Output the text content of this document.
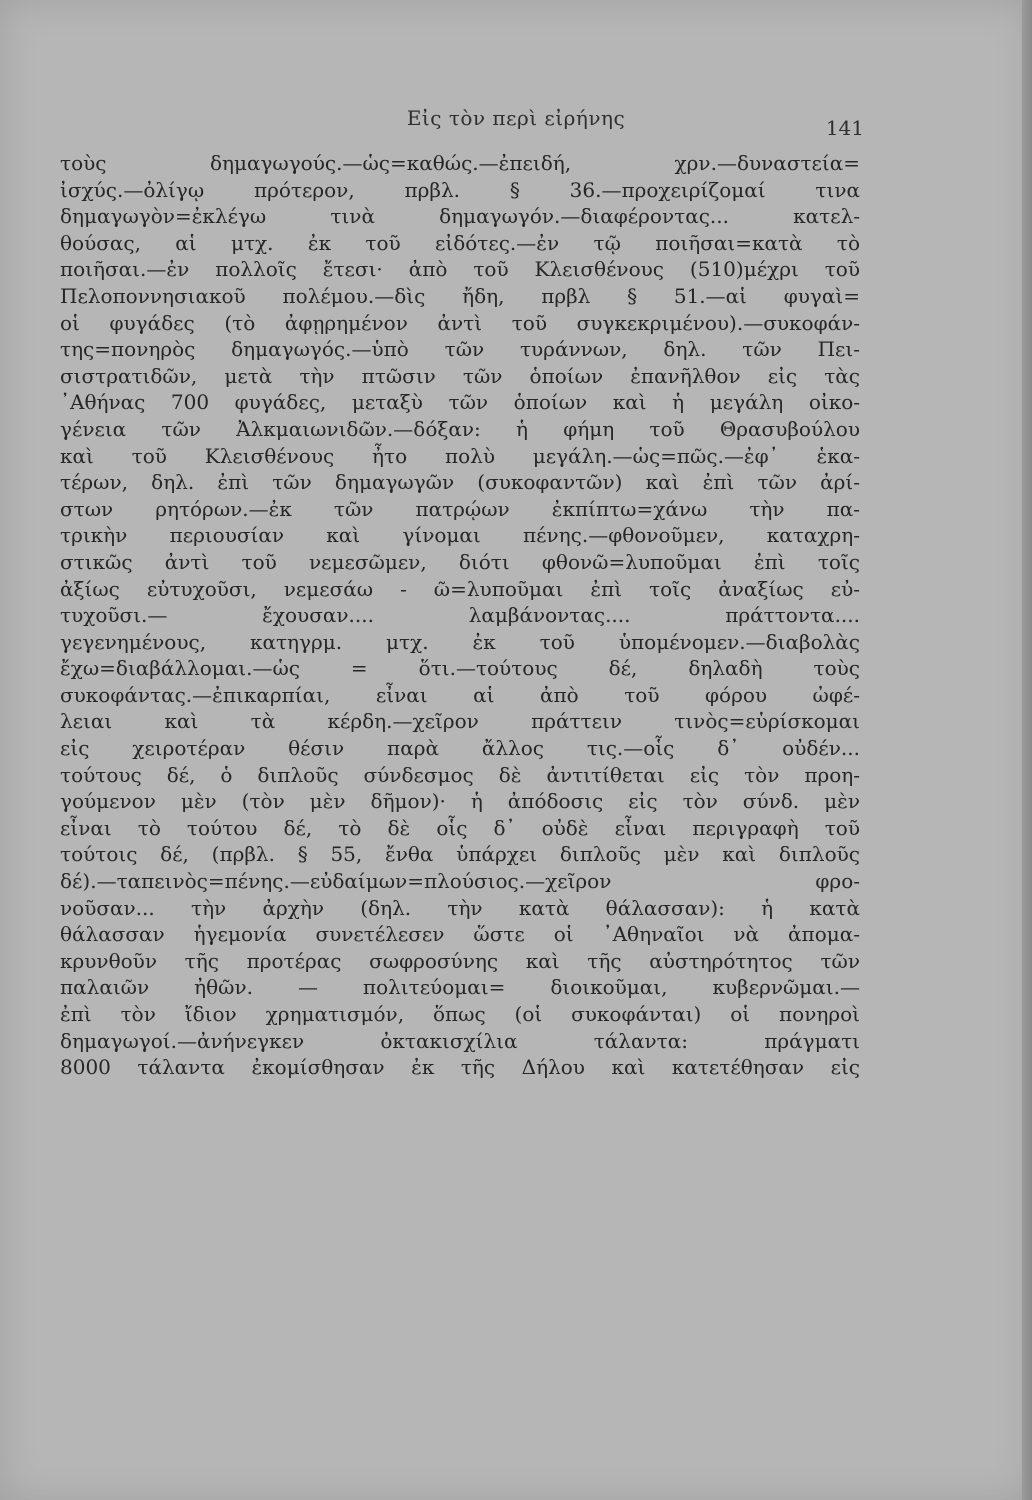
Εἰς τὸν περὶ εἰρήνης	141
τοὺς δημαγωγούς.—ὡς=καθώς.—ἐπειδή, χρν.—δυναστεία=
ἰσχύς.—ὀλίγῳ πρότερον, πρβλ. § 36.—προχειρίζομαί τινα
δημαγωγὸν=ἐκλέγω τινὰ δημαγωγόν.—διαφέροντας... κατελ-
θούσας, αἱ μτχ. ἐκ τοῦ εἰδότες.—ἐν τῷ ποιῆσαι=κατὰ τὸ
ποιῆσαι.—ἐν πολλοῖς ἔτεσι· ἀπὸ τοῦ Κλεισθένους (510)μέχρι τοῦ
Πελοποννησιακοῦ πολέμου.—δὶς ἤδη, πρβλ § 51.—αἱ φυγαὶ=
οἱ φυγάδες (τὸ ἀφῃρημένον ἀντὶ τοῦ συγκεκριμένου).—συκοφάν-
της=πονηρὸς δημαγωγός.—ὑπὸ τῶν τυράννων, δηλ. τῶν Πει-
σιστρατιδῶν, μετὰ τὴν πτῶσιν τῶν ὁποίων ἐπανῆλθον εἰς τὰς
᾿Αθήνας 700 φυγάδες, μεταξὺ τῶν ὁποίων καὶ ἡ μεγάλη οἰκο-
γένεια τῶν Ἀλκμαιωνιδῶν.—δόξαν: ἡ φήμη τοῦ Θρασυβούλου
καὶ τοῦ Κλεισθένους ἦτο πολὺ μεγάλη.—ὡς=πῶς.—ἐφ᾿ ἑκα-
τέρων, δηλ. ἐπὶ τῶν δημαγωγῶν (συκοφαντῶν) καὶ ἐπὶ τῶν ἀρί-
στων ρητόρων.—ἐκ τῶν πατρῴων ἐκπίπτω=χάνω τὴν πα-
τρικὴν περιουσίαν καὶ γίνομαι πένης.—φθονοῦμεν, καταχρη-
στικῶς ἀντὶ τοῦ νεμεσῶμεν, διότι φθονῶ=λυποῦμαι ἐπὶ τοῖς
ἀξίως εὐτυχοῦσι, νεμεσάω - ῶ=λυποῦμαι ἐπὶ τοῖς ἀναξίως εὐ-
τυχοῦσι.— ἔχουσαν.... λαμβάνοντας.... πράττοντα....
γεγενημένους, κατηγρμ. μτχ. ἐκ τοῦ ὑπομένομεν.—διαβολὰς
ἔχω=διαβάλλομαι.—ὡς = ὅτι.—τούτους δέ, δηλαδὴ τοὺς
συκοφάντας.—ἐπικαρπίαι, εἶναι αἱ ἀπὸ τοῦ φόρου ὠφέ-
λειαι καὶ τὰ κέρδη.—χεῖρον πράττειν τινὸς=εὑρίσκομαι
εἰς χειροτέραν θέσιν παρὰ ἄλλος τις.—οἷς δ᾿ οὐδέν...
τούτους δέ, ὁ διπλοῦς σύνδεσμος δὲ ἀντιτίθεται εἰς τὸν προη-
γούμενον μὲν (τὸν μὲν δῆμον)· ἡ ἀπόδοσις εἰς τὸν σύνδ. μὲν
εἶναι τὸ τούτου δέ, τὸ δὲ οἷς δ᾿ οὐδὲ εἶναι περιγραφὴ τοῦ
τούτοις δέ, (πρβλ. § 55, ἔνθα ὑπάρχει διπλοῦς μὲν καὶ διπλοῦς
δέ).—ταπεινὸς=πένης.—εὐδαίμων=πλούσιος.—χεῖρον φρο-
νοῦσαν... τὴν ἀρχὴν (δηλ. τὴν κατὰ θάλασσαν): ἡ κατὰ
θάλασσαν ἡγεμονία συνετέλεσεν ὥστε οἱ ᾿Αθηναῖοι νὰ ἀπομα-
κρυνθοῦν τῆς προτέρας σωφροσύνης καὶ τῆς αὐστηρότητος τῶν
παλαιῶν ἠθῶν. — πολιτεύομαι= διοικοῦμαι, κυβερνῶμαι.—
ἐπὶ τὸν ἴδιον χρηματισμόν, ὅπως (οἱ συκοφάνται) οἱ πονηροὶ
δημαγωγοί.—ἀνήνεγκεν ὀκτακισχίλια τάλαντα: πράγματι
8000 τάλαντα ἐκομίσθησαν ἐκ τῆς Δήλου καὶ κατετέθησαν εἰς
